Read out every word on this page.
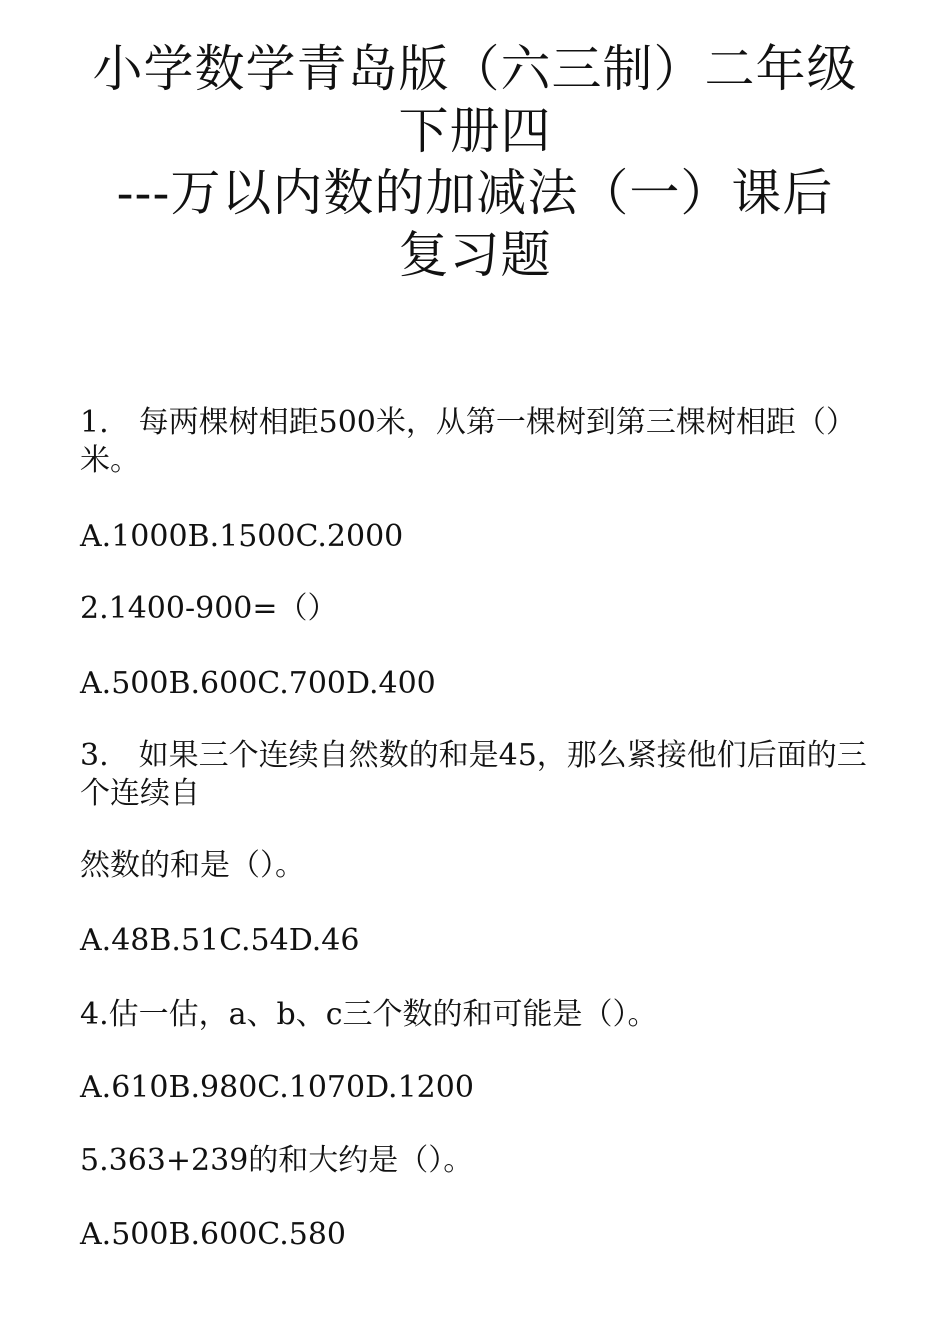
小学数学青岛版（六三制）二年级
下册四
---万以内数的加减法（一）课后
复习题

1.　每两棵树相距500米，从第一棵树到第三棵树相距（）米。

A.1000B.1500C.2000

2.1400-900=（）

A.500B.600C.700D.400

3.　如果三个连续自然数的和是45，那么紧接他们后面的三个连续自

然数的和是（）。

A.48B.51C.54D.46

4.估一估，a、b、c三个数的和可能是（）。

A.610B.980C.1070D.1200

5.363+239的和大约是（）。

A.500B.600C.580
